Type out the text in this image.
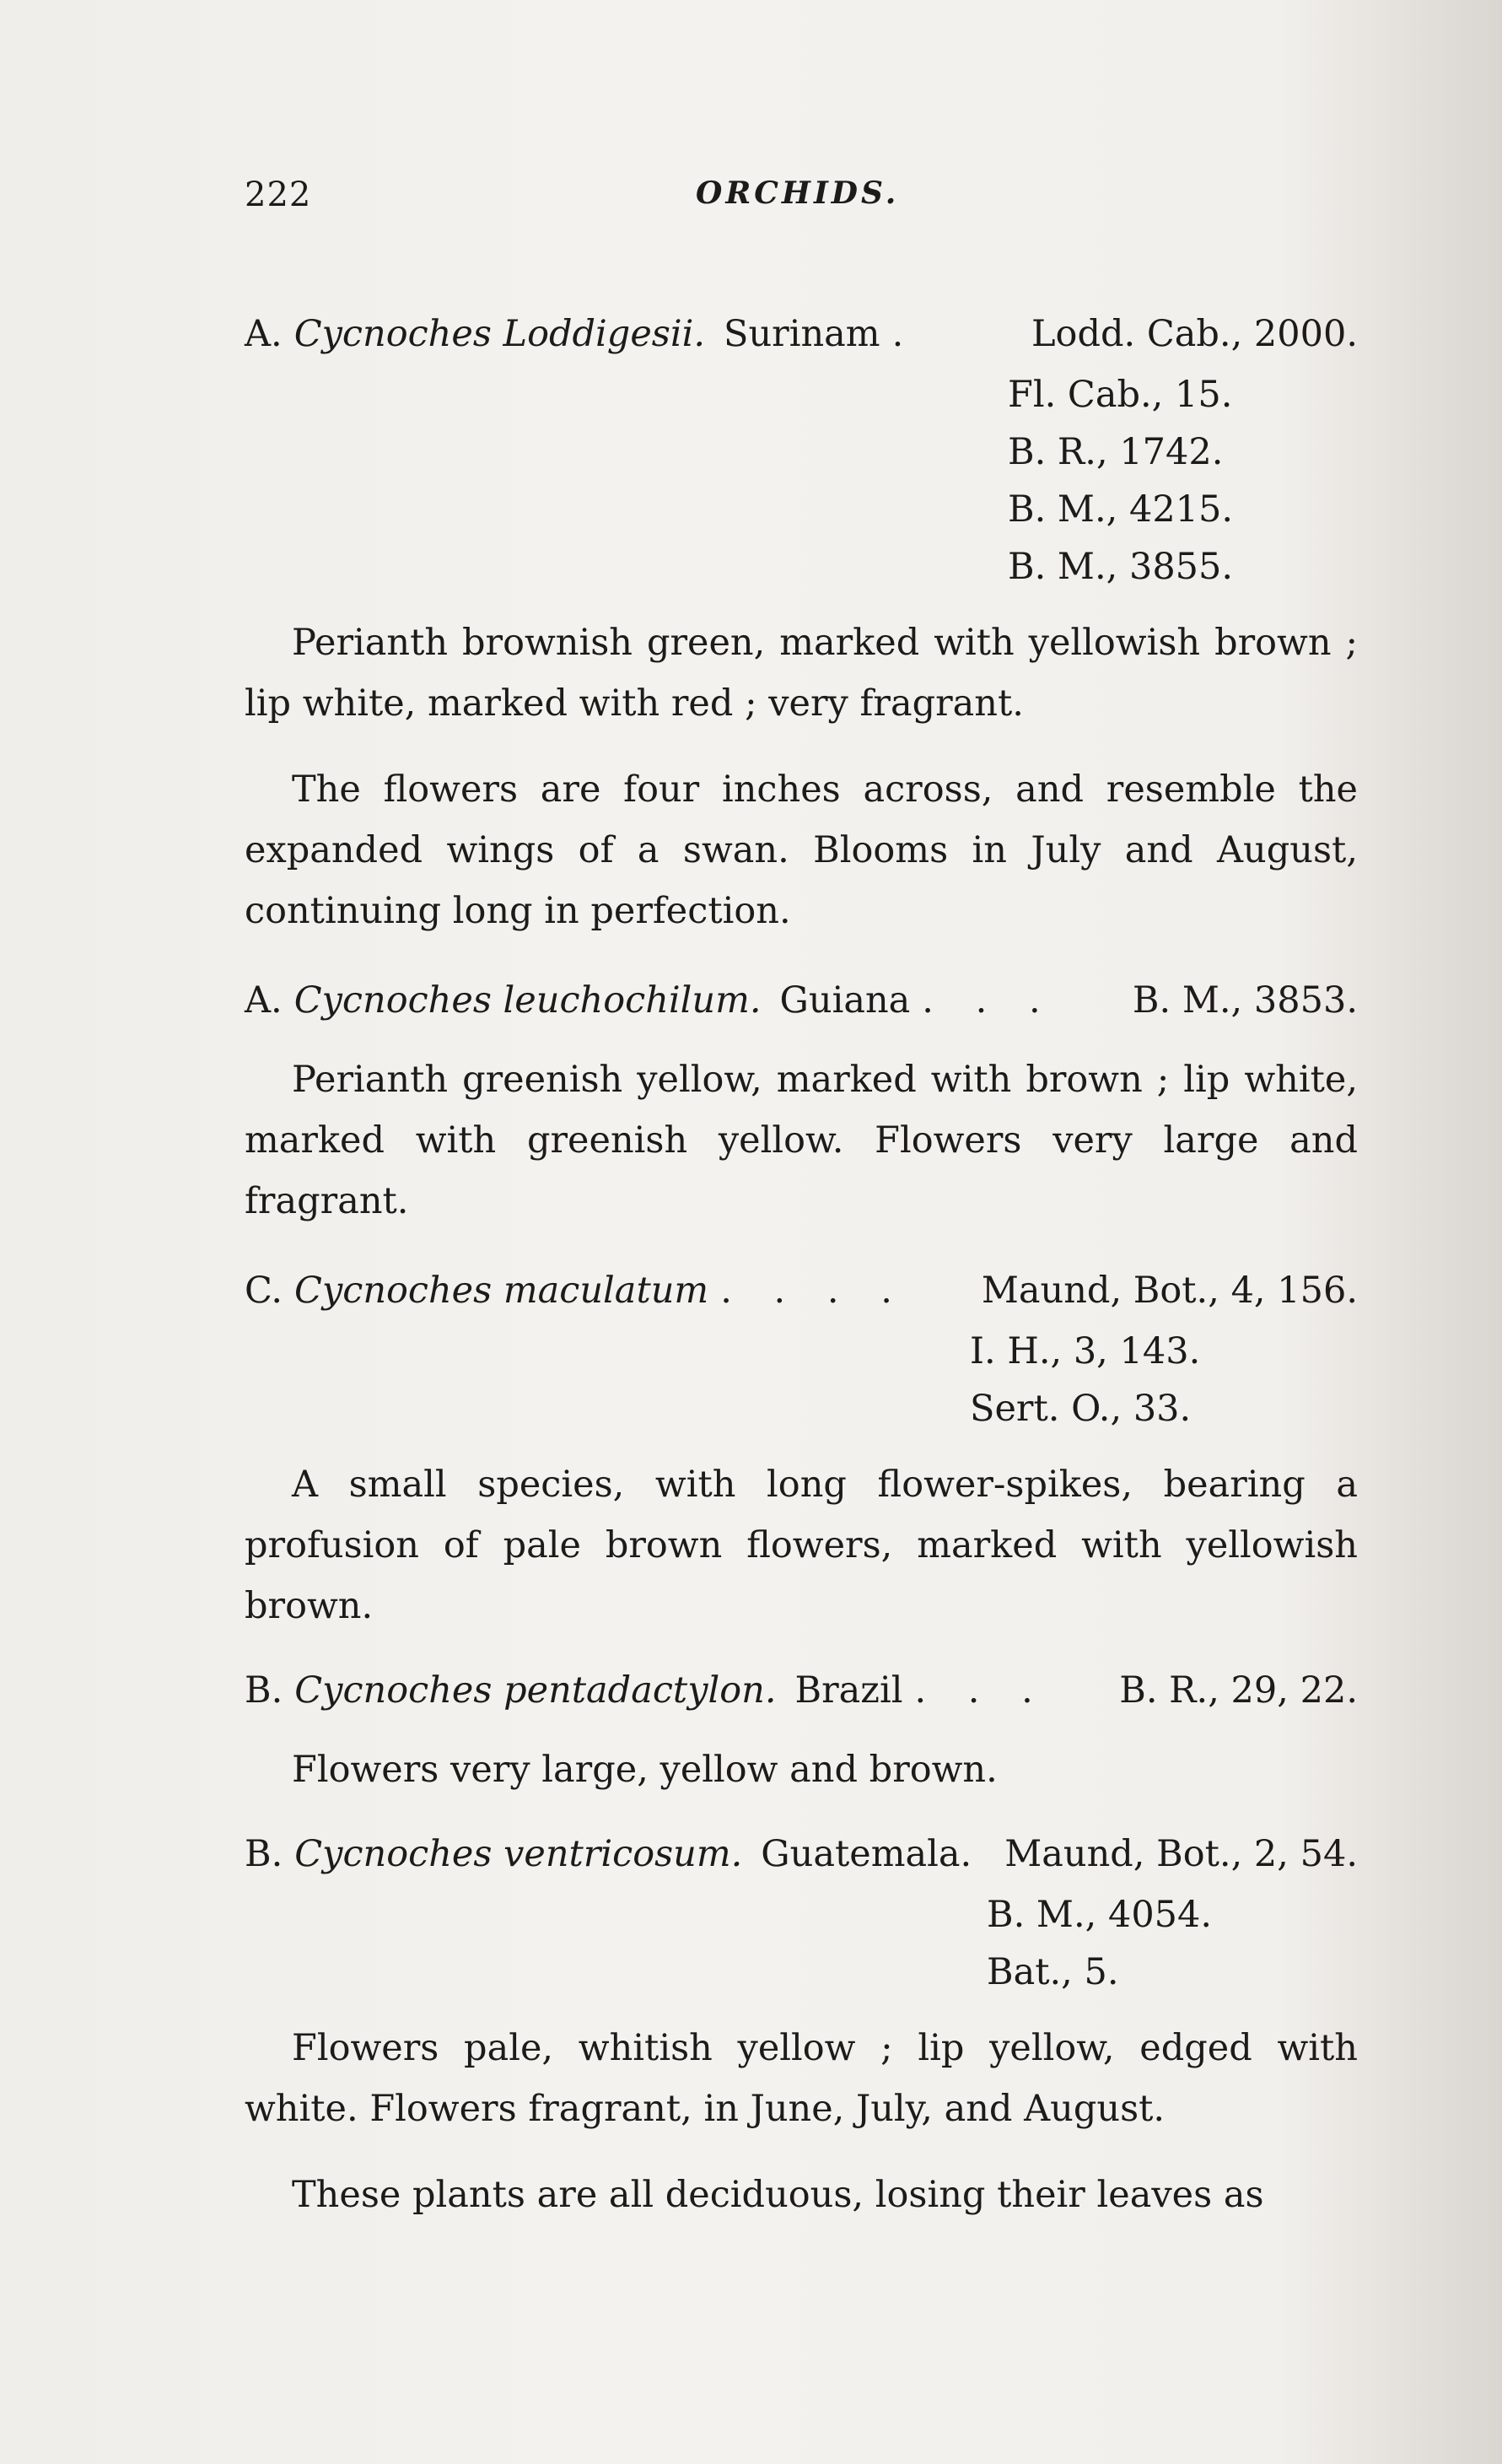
222	ORCHIDS.
A. Cycnoches Loddigesii. Surinam .	Lodd. Cab., 2000.
Fl. Cab., 15.
B. R., 1742.
B. M., 4215.
B. M., 3855.

Perianth brownish green, marked with yellowish brown ; lip white, marked with red ; very fragrant.

The flowers are four inches across, and resemble the expanded wings of a swan. Blooms in July and August, continuing long in perfection.

A. Cycnoches leuchochilum. Guiana . . . B. M., 3853.

Perianth greenish yellow, marked with brown ; lip white, marked with greenish yellow. Flowers very large and fragrant.

C. Cycnoches maculatum . . . . Maund, Bot., 4, 156.
I. H., 3, 143.
Sert. O., 33.

A small species, with long flower-spikes, bearing a profusion of pale brown flowers, marked with yellowish brown.

B. Cycnoches pentadactylon. Brazil . . . B. R., 29, 22.

Flowers very large, yellow and brown.

B. Cycnoches ventricosum. Guatemala. Maund, Bot., 2, 54.
B. M., 4054.
Bat., 5.

Flowers pale, whitish yellow ; lip yellow, edged with white. Flowers fragrant, in June, July, and August.

These plants are all deciduous, losing their leaves as
